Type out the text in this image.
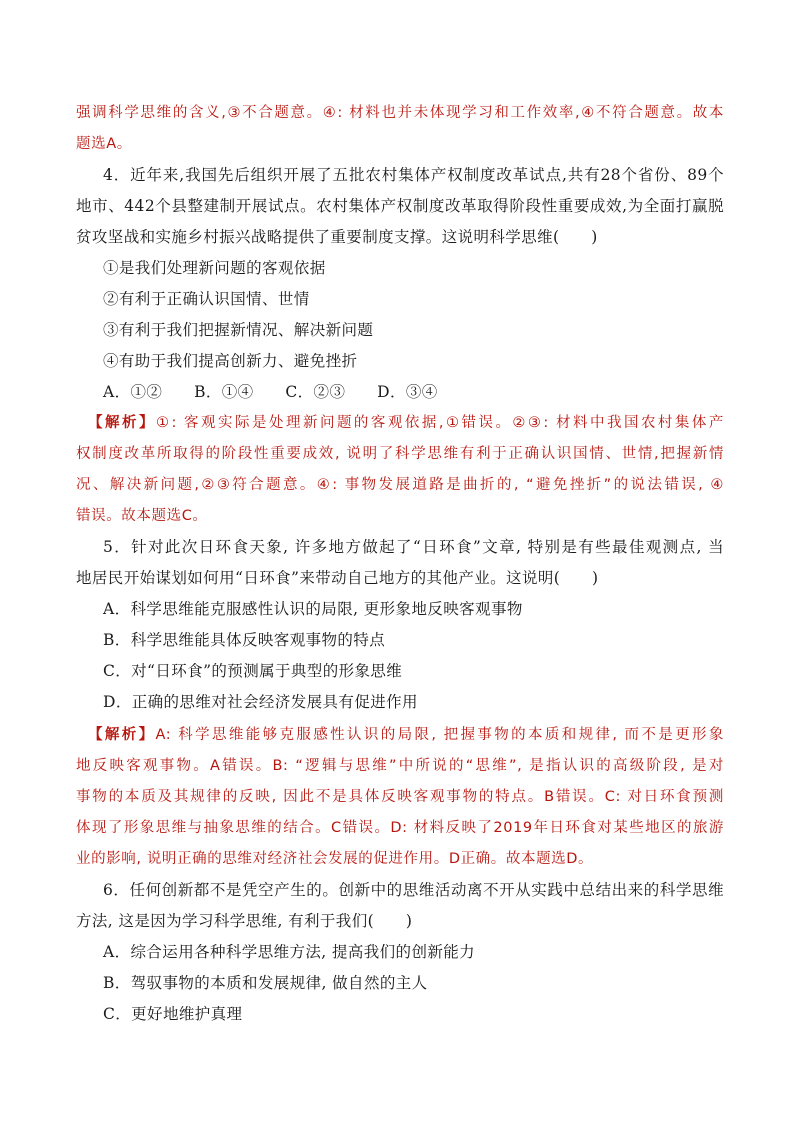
强调科学思维的含义,③不合题意。④: 材料也并未体现学习和工作效率,④不符合题意。故本
题选A。
4．近年来,我国先后组织开展了五批农村集体产权制度改革试点,共有28个省份、89个
地市、442个县整建制开展试点。农村集体产权制度改革取得阶段性重要成效,为全面打赢脱
贫攻坚战和实施乡村振兴战略提供了重要制度支撑。这说明科学思维(　　)
①是我们处理新问题的客观依据
②有利于正确认识国情、世情
③有利于我们把握新情况、解决新问题
④有助于我们提高创新力、避免挫折
A．①②　　B．①④　　C．②③　　D．③④
【解析】①: 客观实际是处理新问题的客观依据,①错误。②③: 材料中我国农村集体产
权制度改革所取得的阶段性重要成效, 说明了科学思维有利于正确认识国情、世情,把握新情
况、解决新问题,②③符合题意。④: 事物发展道路是曲折的, “避免挫折”的说法错误, ④
错误。故本题选C。
5．针对此次日环食天象, 许多地方做起了“日环食”文章, 特别是有些最佳观测点, 当
地居民开始谋划如何用“日环食”来带动自己地方的其他产业。这说明(　　)
A．科学思维能克服感性认识的局限, 更形象地反映客观事物
B．科学思维能具体反映客观事物的特点
C．对“日环食”的预测属于典型的形象思维
D．正确的思维对社会经济发展具有促进作用
【解析】A: 科学思维能够克服感性认识的局限, 把握事物的本质和规律, 而不是更形象
地反映客观事物。A错误。B: “逻辑与思维”中所说的“思维”, 是指认识的高级阶段, 是对
事物的本质及其规律的反映, 因此不是具体反映客观事物的特点。B错误。C: 对日环食预测
体现了形象思维与抽象思维的结合。C错误。D: 材料反映了2019年日环食对某些地区的旅游
业的影响, 说明正确的思维对经济社会发展的促进作用。D正确。故本题选D。
6．任何创新都不是凭空产生的。创新中的思维活动离不开从实践中总结出来的科学思维
方法, 这是因为学习科学思维, 有利于我们(　　)
A．综合运用各种科学思维方法, 提高我们的创新能力
B．驾驭事物的本质和发展规律, 做自然的主人
C．更好地维护真理
